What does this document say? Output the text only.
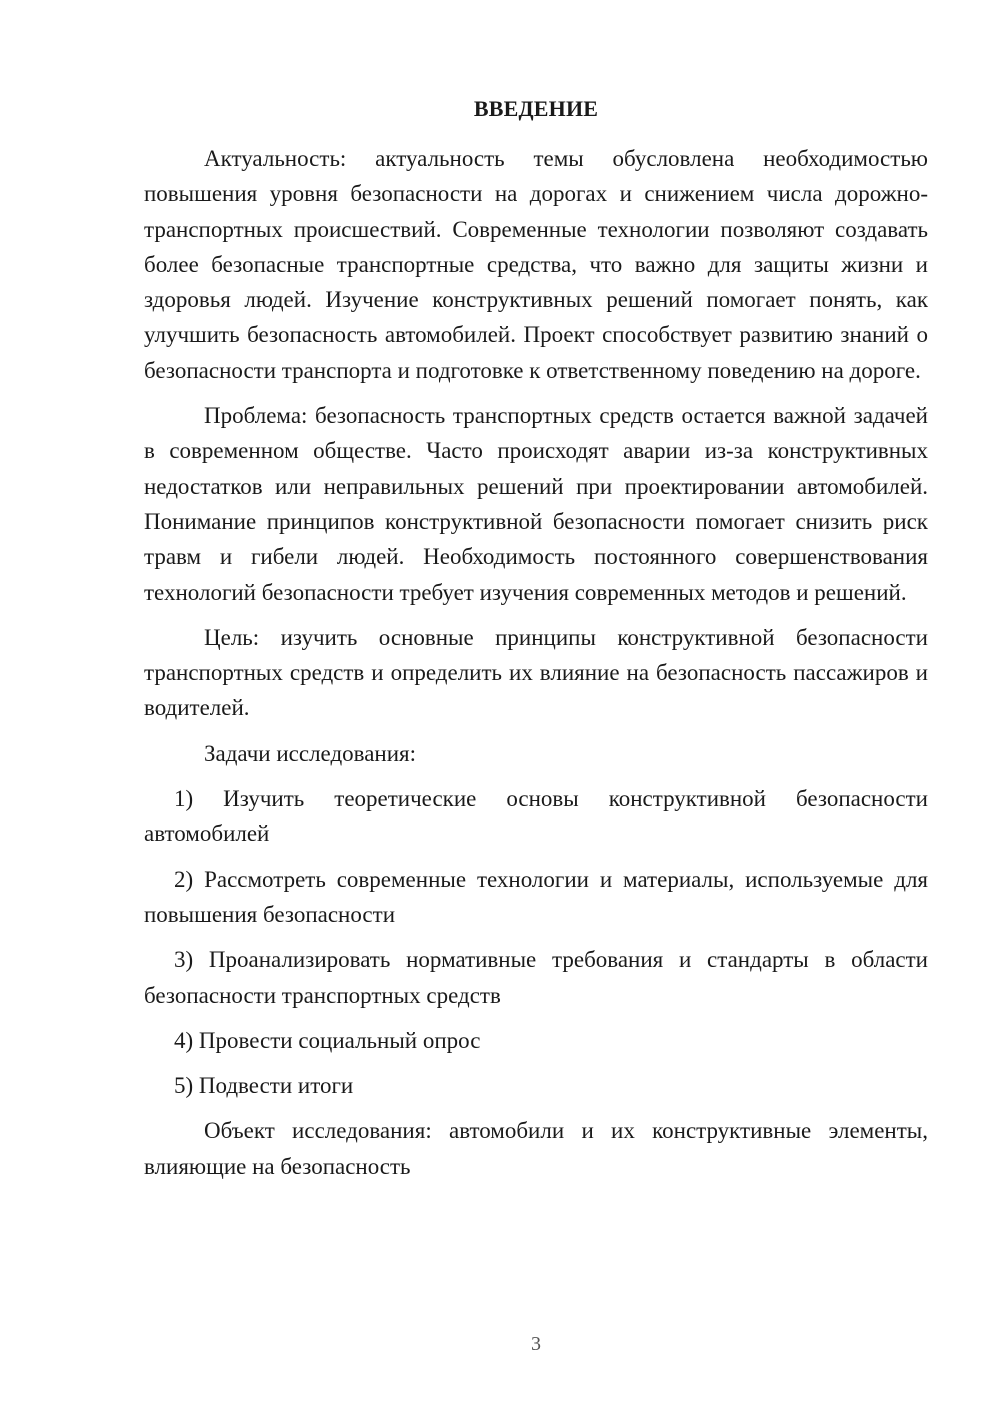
ВВЕДЕНИЕ

Актуальность: актуальность темы обусловлена необходимостью повышения уровня безопасности на дорогах и снижением числа дорожно-транспортных происшествий. Современные технологии позволяют создавать более безопасные транспортные средства, что важно для защиты жизни и здоровья людей. Изучение конструктивных решений помогает понять, как улучшить безопасность автомобилей. Проект способствует развитию знаний о безопасности транспорта и подготовке к ответственному поведению на дороге.

Проблема: безопасность транспортных средств остается важной задачей в современном обществе. Часто происходят аварии из-за конструктивных недостатков или неправильных решений при проектировании автомобилей. Понимание принципов конструктивной безопасности помогает снизить риск травм и гибели людей. Необходимость постоянного совершенствования технологий безопасности требует изучения современных методов и решений.

Цель: изучить основные принципы конструктивной безопасности транспортных средств и определить их влияние на безопасность пассажиров и водителей.

Задачи исследования:

1) Изучить теоретические основы конструктивной безопасности автомобилей

2) Рассмотреть современные технологии и материалы, используемые для повышения безопасности

3) Проанализировать нормативные требования и стандарты в области безопасности транспортных средств

4) Провести социальный опрос

5) Подвести итоги

Объект исследования: автомобили и их конструктивные элементы, влияющие на безопасность

3
